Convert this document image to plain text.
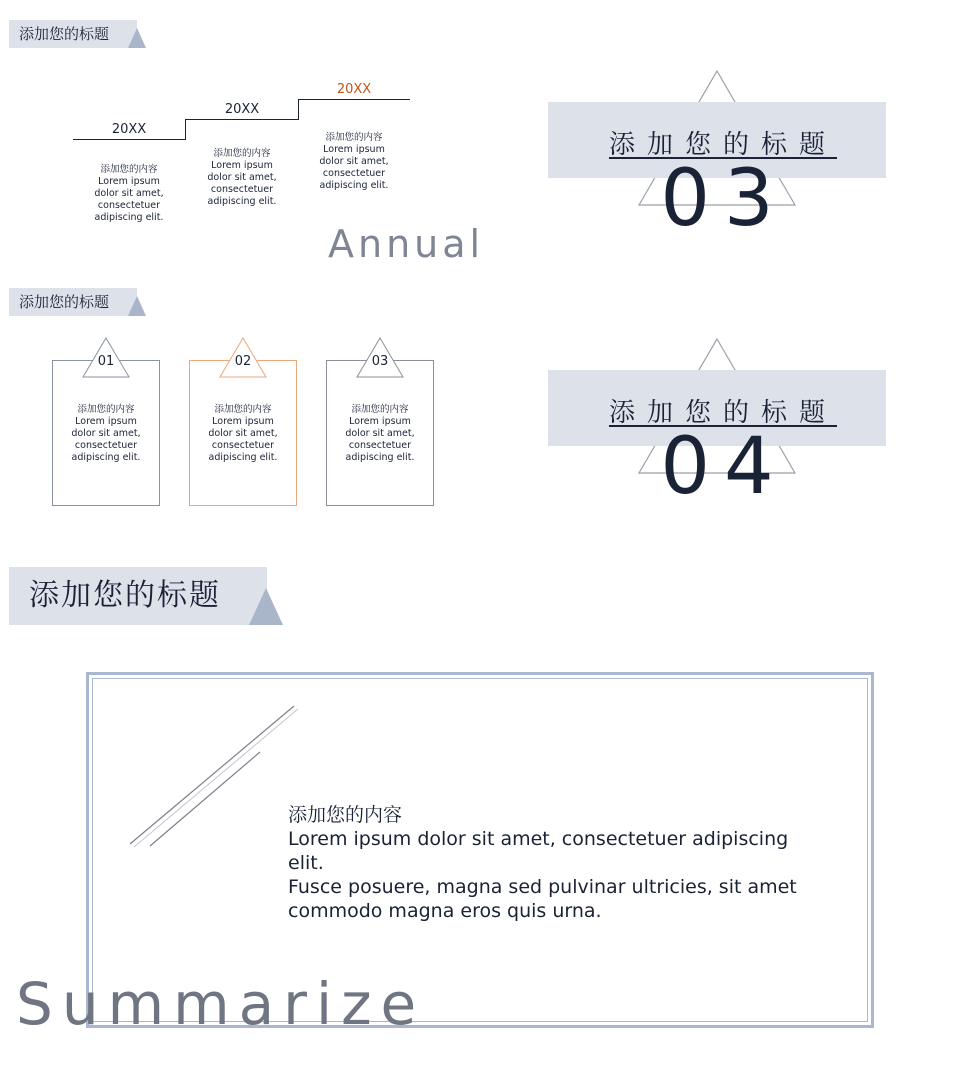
添加您的标题
20XX
20XX
20XX
添加您的内容
Lorem ipsum
dolor sit amet,
consectetuer
adipiscing elit.
添加您的内容
Lorem ipsum
dolor sit amet,
consectetuer
adipiscing elit.
添加您的内容
Lorem ipsum
dolor sit amet,
consectetuer
adipiscing elit.
Annual	03
添加您的标题
添加您的标题
01
添加您的内容
Lorem ipsum
dolor sit amet,
consectetuer
adipiscing elit.
02
添加您的内容
Lorem ipsum
dolor sit amet,
consectetuer
adipiscing elit.
03
添加您的内容
Lorem ipsum
dolor sit amet,
consectetuer
adipiscing elit.	04
添加您的标题
添加您的标题
添加您的内容
Lorem ipsum dolor sit amet, consectetuer adipiscing elit.
Fusce posuere, magna sed pulvinar ultricies, sit amet commodo magna eros quis urna.
Summarize
